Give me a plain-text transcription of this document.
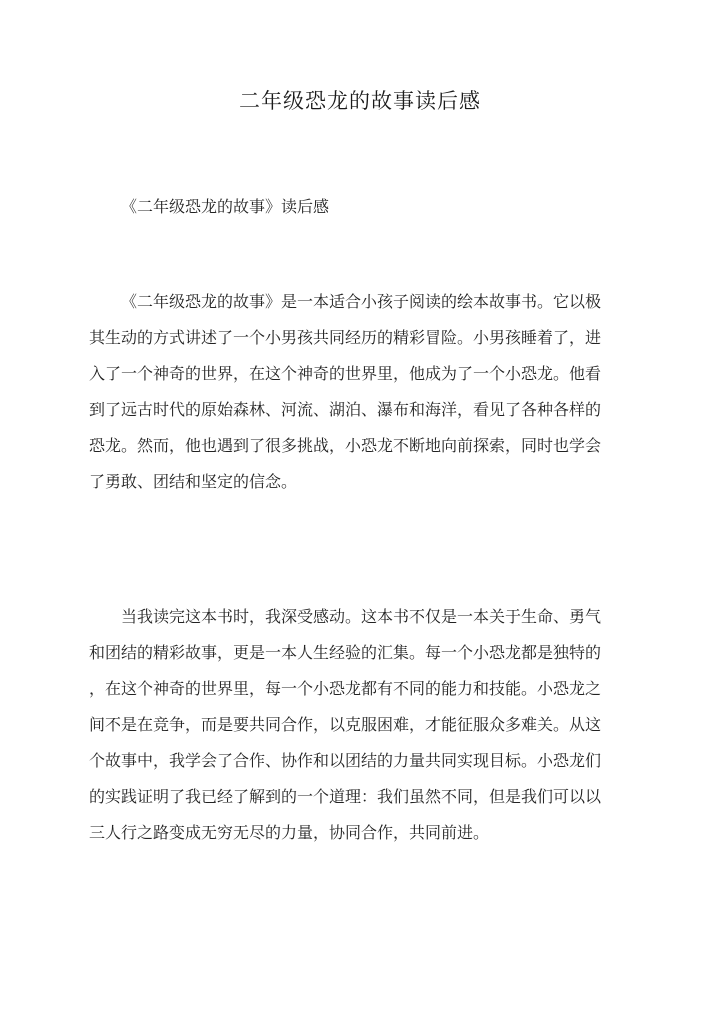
二年级恐龙的故事读后感

《二年级恐龙的故事》读后感

《二年级恐龙的故事》是一本适合小孩子阅读的绘本故事书。它以极
其生动的方式讲述了一个小男孩共同经历的精彩冒险。小男孩睡着了，进
入了一个神奇的世界，在这个神奇的世界里，他成为了一个小恐龙。他看
到了远古时代的原始森林、河流、湖泊、瀑布和海洋，看见了各种各样的
恐龙。然而，他也遇到了很多挑战，小恐龙不断地向前探索，同时也学会
了勇敢、团结和坚定的信念。
当我读完这本书时，我深受感动。这本书不仅是一本关于生命、勇气
和团结的精彩故事，更是一本人生经验的汇集。每一个小恐龙都是独特的
，在这个神奇的世界里，每一个小恐龙都有不同的能力和技能。小恐龙之
间不是在竞争，而是要共同合作，以克服困难，才能征服众多难关。从这
个故事中，我学会了合作、协作和以团结的力量共同实现目标。小恐龙们
的实践证明了我已经了解到的一个道理：我们虽然不同，但是我们可以以
三人行之路变成无穷无尽的力量，协同合作，共同前进。
